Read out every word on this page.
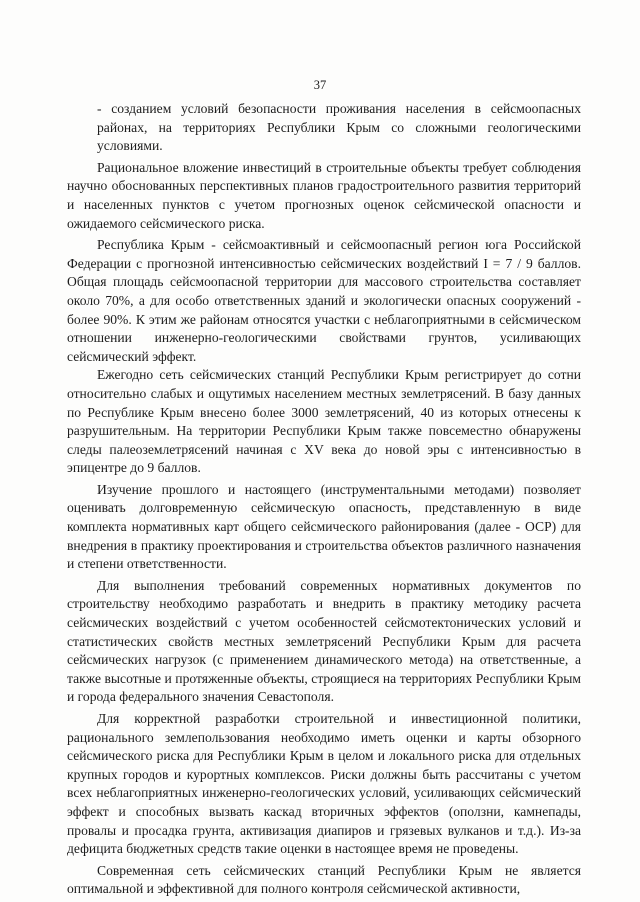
37

- созданием условий безопасности проживания населения в сейсмоопасных районах, на территориях Республики Крым со сложными геологическими условиями.

Рациональное вложение инвестиций в строительные объекты требует соблюдения научно обоснованных перспективных планов градостроительного развития территорий и населенных пунктов с учетом прогнозных оценок сейсмической опасности и ожидаемого сейсмического риска.

Республика Крым - сейсмоактивный и сейсмоопасный регион юга Российской Федерации с прогнозной интенсивностью сейсмических воздействий I = 7 / 9 баллов. Общая площадь сейсмоопасной территории для массового строительства составляет около 70%, а для особо ответственных зданий и экологически опасных сооружений - более 90%. К этим же районам относятся участки с неблагоприятными в сейсмическом отношении инженерно-геологическими свойствами грунтов, усиливающих сейсмический эффект.

Ежегодно сеть сейсмических станций Республики Крым регистрирует до сотни относительно слабых и ощутимых населением местных землетрясений. В базу данных по Республике Крым внесено более 3000 землетрясений, 40 из которых отнесены к разрушительным. На территории Республики Крым также повсеместно обнаружены следы палеоземлетрясений начиная с XV века до новой эры с интенсивностью в эпицентре до 9 баллов.

Изучение прошлого и настоящего (инструментальными методами) позволяет оценивать долговременную сейсмическую опасность, представленную в виде комплекта нормативных карт общего сейсмического районирования (далее - ОСР) для внедрения в практику проектирования и строительства объектов различного назначения и степени ответственности.

Для выполнения требований современных нормативных документов по строительству необходимо разработать и внедрить в практику методику расчета сейсмических воздействий с учетом особенностей сейсмотектонических условий и статистических свойств местных землетрясений Республики Крым для расчета сейсмических нагрузок (с применением динамического метода) на ответственные, а также высотные и протяженные объекты, строящиеся на территориях Республики Крым и города федерального значения Севастополя.

Для корректной разработки строительной и инвестиционной политики, рационального землепользования необходимо иметь оценки и карты обзорного сейсмического риска для Республики Крым в целом и локального риска для отдельных крупных городов и курортных комплексов. Риски должны быть рассчитаны с учетом всех неблагоприятных инженерно-геологических условий, усиливающих сейсмический эффект и способных вызвать каскад вторичных эффектов (оползни, камнепады, провалы и просадка грунта, активизация диапиров и грязевых вулканов и т.д.). Из-за дефицита бюджетных средств такие оценки в настоящее время не проведены.

Современная сеть сейсмических станций Республики Крым не является оптимальной и эффективной для полного контроля сейсмической активности,
